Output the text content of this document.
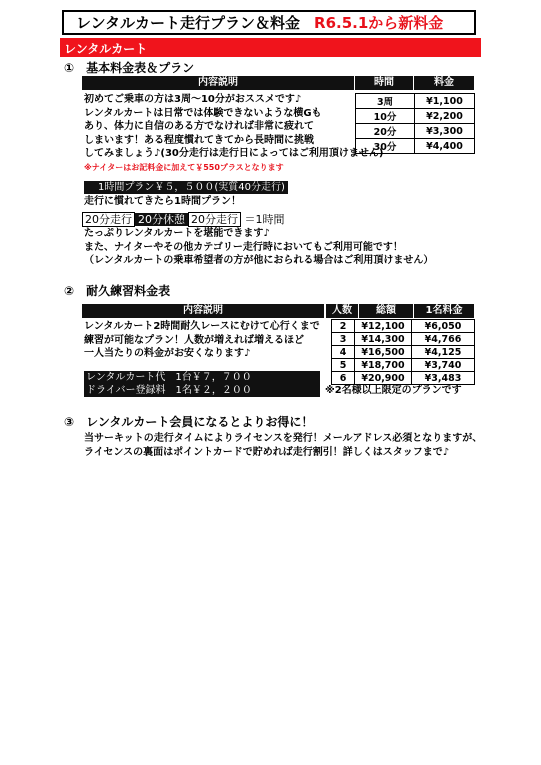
レンタルカート走行プラン＆料金 R6.5.1から新料金
レンタルカート
①　基本料金表＆プラン
内容説明	時間	料金
初めてご乗車の方は3周～10分がおススメです♪
レンタルカートは日常では体験できないような横Gも
あり、体力に自信のある方でなければ非常に疲れて
しまいます！ある程度慣れてきてから長時間に挑戦
してみましょう♪(30分走行は走行日によってはご利用頂けません)
※ナイターはお記料金に加えて￥550プラスとなります
3周	¥1,100
10分	¥2,200
20分	¥3,300
30分	¥4,400
1時間プラン￥５，５００(実質40分走行)
走行に慣れてきたら1時間プラン！
20分走行 20分休憩 20分走行 ＝1時間
たっぷりレンタルカートを堪能できます♪
また、ナイターやその他カテゴリー走行時においてもご利用可能です！
（レンタルカートの乗車希望者の方が他におられる場合はご利用頂けません）
②　耐久練習料金表
内容説明	人数	総額	1名料金
レンタルカート2時間耐久レースにむけて心行くまで
練習が可能なプラン！人数が増えれば増えるほど
一人当たりの料金がお安くなります♪
レンタルカート代　1台￥７，７００
ドライバー登録料　1名￥２，２００
2	¥12,100	¥6,050
3	¥14,300	¥4,766
4	¥16,500	¥4,125
5	¥18,700	¥3,740
6	¥20,900	¥3,483
※2名様以上限定のプランです
③　レンタルカート会員になるとよりお得に！
当サーキットの走行タイムによりライセンスを発行！メールアドレス必須となりますが、
ライセンスの裏面はポイントカードで貯めれば走行割引！詳しくはスタッフまで♪
